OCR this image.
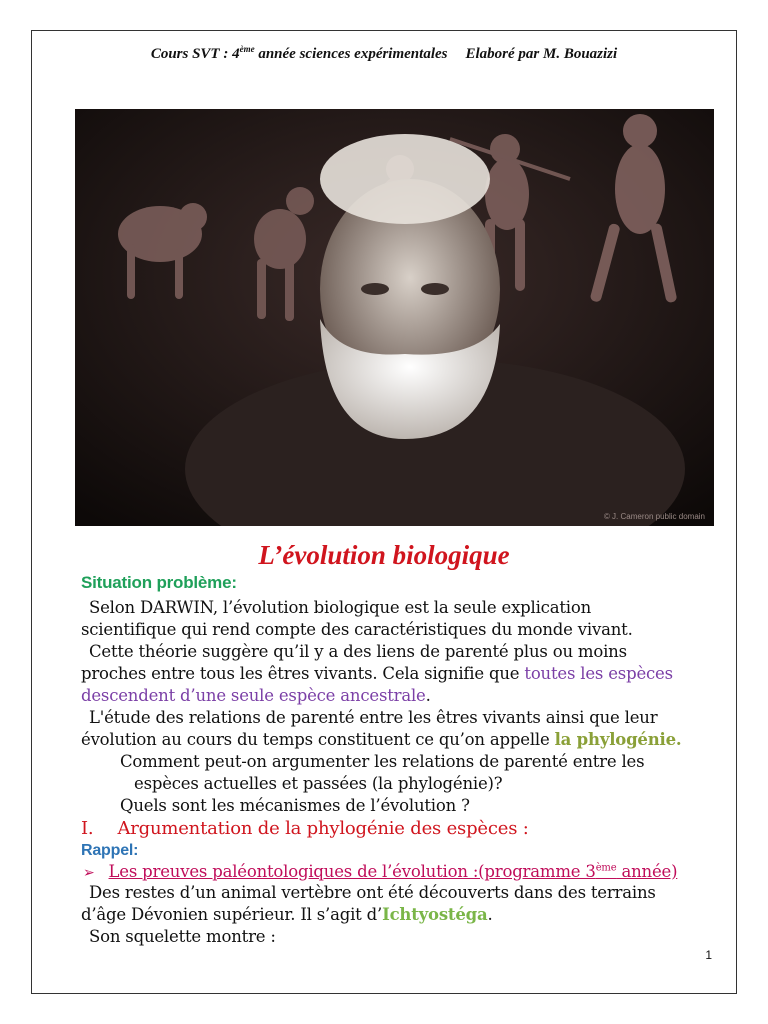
Cours SVT : 4ème année sciences expérimentales Elaboré par M. Bouazizi
© J. Cameron public domain
L’évolution biologique
Situation problème:
Selon DARWIN, l’évolution biologique est la seule explication
scientifique qui rend compte des caractéristiques du monde vivant.
Cette théorie suggère qu’il y a des liens de parenté plus ou moins
proches entre tous les êtres vivants. Cela signifie que toutes les espèces
descendent d’une seule espèce ancestrale.
L'étude des relations de parenté entre les êtres vivants ainsi que leur
évolution au cours du temps constituent ce qu’on appelle la phylogénie.
Comment peut-on argumenter les relations de parenté entre les
espèces actuelles et passées (la phylogénie)?
Quels sont les mécanismes de l’évolution ?
I. Argumentation de la phylogénie des espèces :
Rappel:
➢ Les preuves paléontologiques de l’évolution :(programme 3ème année)
Des restes d’un animal vertèbre ont été découverts dans des terrains
d’âge Dévonien supérieur. Il s’agit d’Ichtyostéga.
Son squelette montre :
1
